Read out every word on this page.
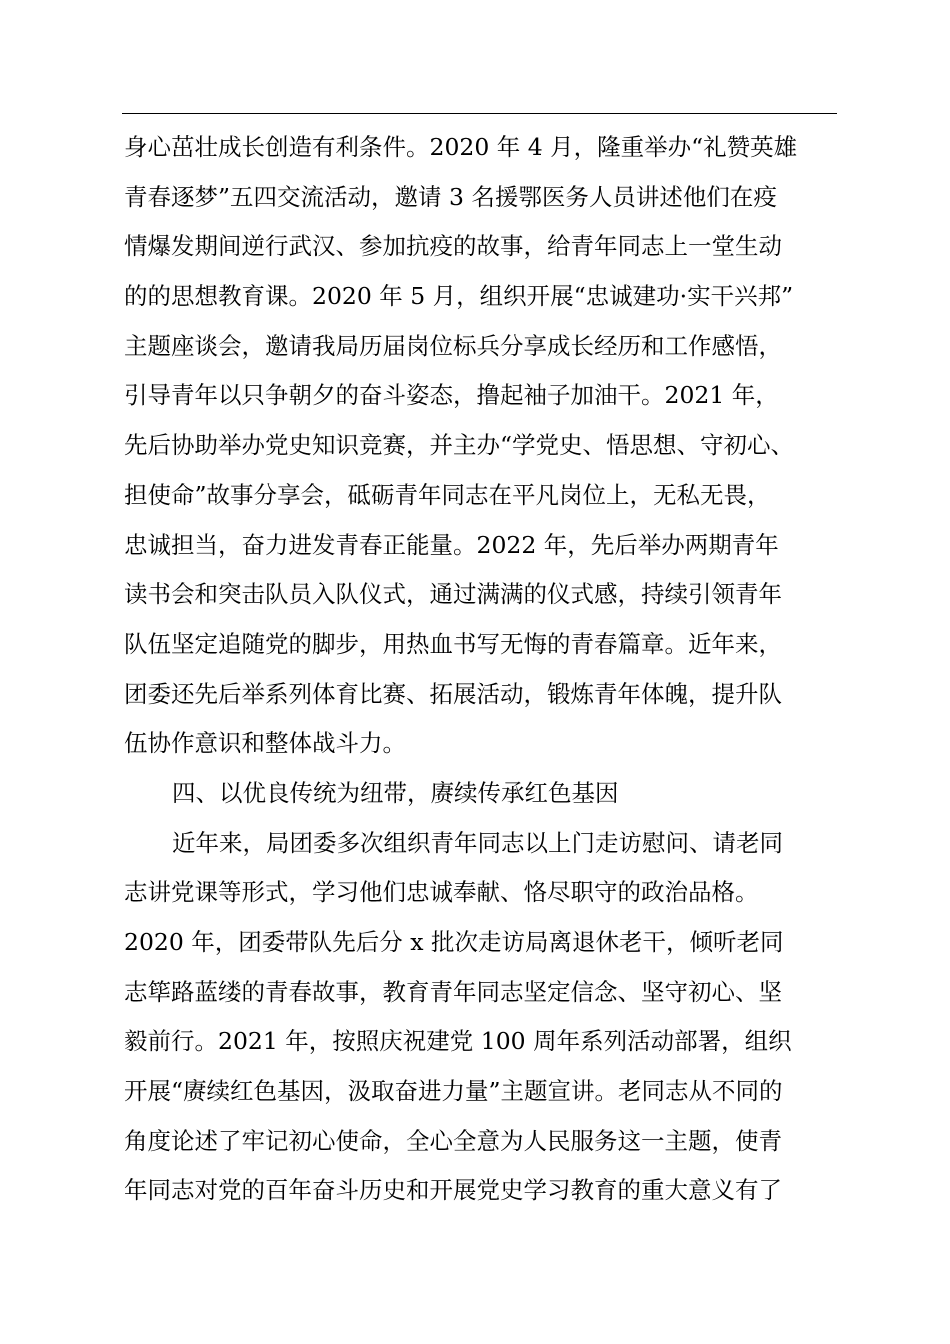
身心茁壮成长创造有利条件。2020 年 4 月，隆重举办“礼赞英雄
青春逐梦”五四交流活动，邀请 3 名援鄂医务人员讲述他们在疫
情爆发期间逆行武汉、参加抗疫的故事，给青年同志上一堂生动
的的思想教育课。2020 年 5 月，组织开展“忠诚建功·实干兴邦”
主题座谈会，邀请我局历届岗位标兵分享成长经历和工作感悟，
引导青年以只争朝夕的奋斗姿态，撸起袖子加油干。2021 年，
先后协助举办党史知识竞赛，并主办“学党史、悟思想、守初心、
担使命”故事分享会，砥砺青年同志在平凡岗位上，无私无畏，
忠诚担当，奋力进发青春正能量。2022 年，先后举办两期青年
读书会和突击队员入队仪式，通过满满的仪式感，持续引领青年
队伍坚定追随党的脚步，用热血书写无悔的青春篇章。近年来，
团委还先后举系列体育比赛、拓展活动，锻炼青年体魄，提升队
伍协作意识和整体战斗力。
四、以优良传统为纽带，赓续传承红色基因
近年来，局团委多次组织青年同志以上门走访慰问、请老同
志讲党课等形式，学习他们忠诚奉献、恪尽职守的政治品格。
2020 年，团委带队先后分 x 批次走访局离退休老干，倾听老同
志筚路蓝缕的青春故事，教育青年同志坚定信念、坚守初心、坚
毅前行。2021 年，按照庆祝建党 100 周年系列活动部署，组织
开展“赓续红色基因，汲取奋进力量”主题宣讲。老同志从不同的
角度论述了牢记初心使命，全心全意为人民服务这一主题，使青
年同志对党的百年奋斗历史和开展党史学习教育的重大意义有了
